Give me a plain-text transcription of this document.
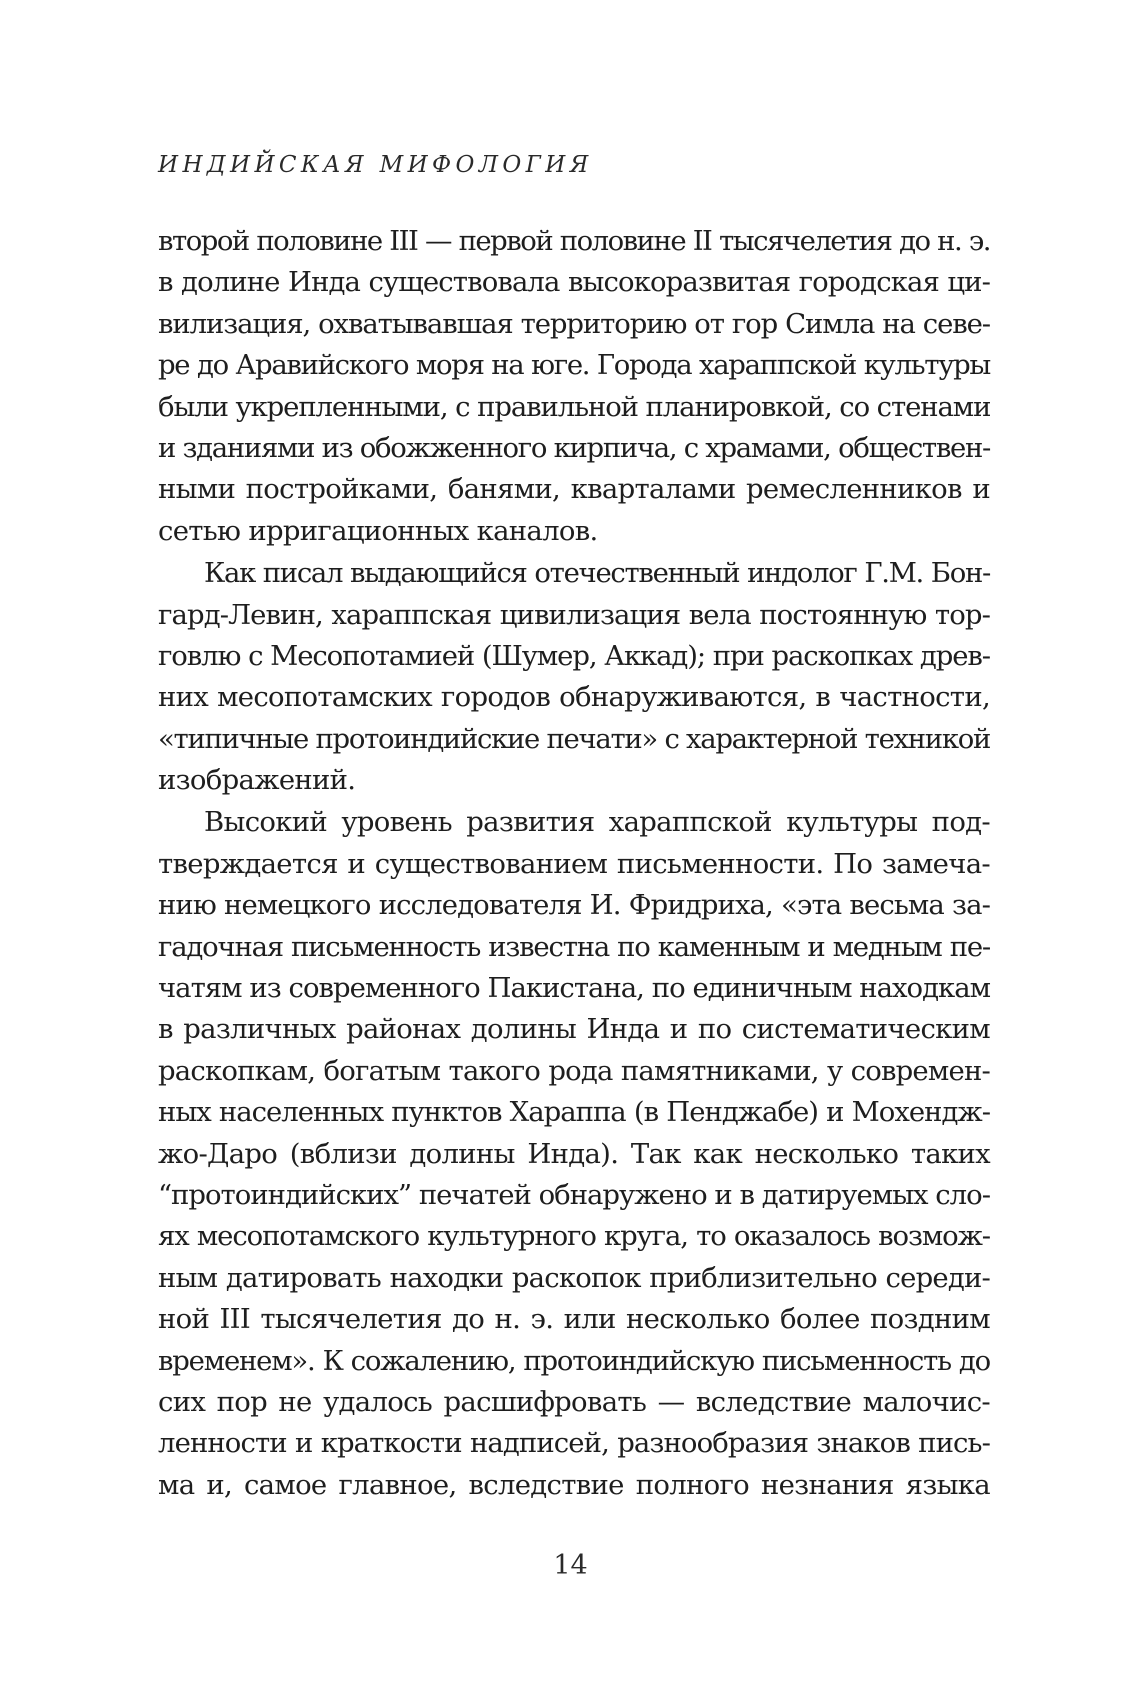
ИНДИЙСКАЯ МИФОЛОГИЯ
второй половине III — первой половине II тысячелетия до н. э.
в долине Инда существовала высокоразвитая городская ци-
вилизация, охватывавшая территорию от гор Симла на севе-
ре до Аравийского моря на юге. Города хараппской культуры
были укрепленными, с правильной планировкой, со стенами
и зданиями из обожженного кирпича, с храмами, обществен-
ными постройками, банями, кварталами ремесленников и
сетью ирригационных каналов.
Как писал выдающийся отечественный индолог Г.М. Бон-
гард-Левин, хараппская цивилизация вела постоянную тор-
говлю с Месопотамией (Шумер, Аккад); при раскопках древ-
них месопотамских городов обнаруживаются, в частности,
«типичные протоиндийские печати» с характерной техникой
изображений.
Высокий уровень развития хараппской культуры под-
тверждается и существованием письменности. По замеча-
нию немецкого исследователя И. Фридриха, «эта весьма за-
гадочная письменность известна по каменным и медным пе-
чатям из современного Пакистана, по единичным находкам
в различных районах долины Инда и по систематическим
раскопкам, богатым такого рода памятниками, у современ-
ных населенных пунктов Хараппа (в Пенджабе) и Мохендж-
жо-Даро (вблизи долины Инда). Так как несколько таких
“протоиндийских” печатей обнаружено и в датируемых сло-
ях месопотамского культурного круга, то оказалось возмож-
ным датировать находки раскопок приблизительно середи-
ной III тысячелетия до н. э. или несколько более поздним
временем». К сожалению, протоиндийскую письменность до
сих пор не удалось расшифровать — вследствие малочис-
ленности и краткости надписей, разнообразия знаков пись-
ма и, самое главное, вследствие полного незнания языка
14
